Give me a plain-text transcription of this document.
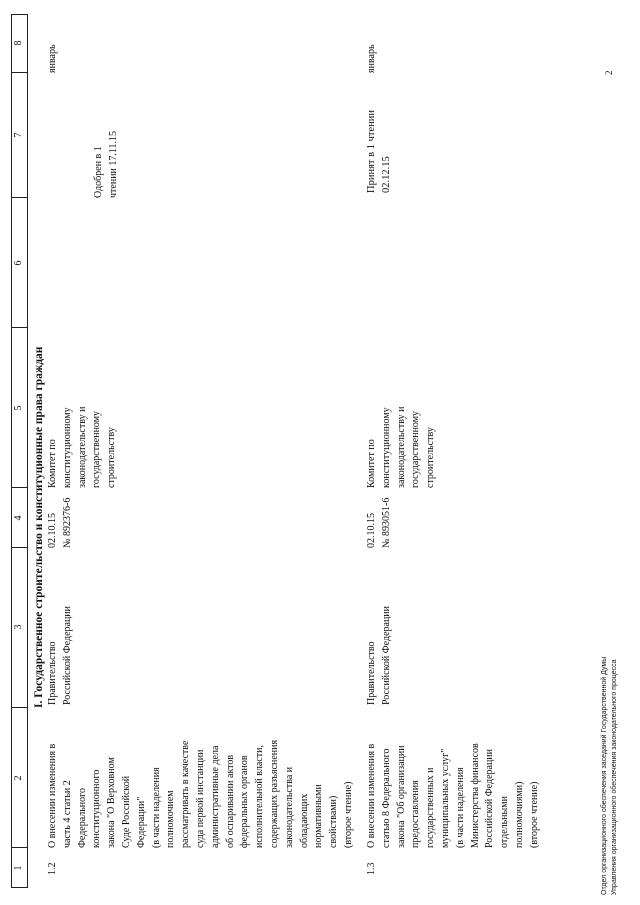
1
2
3
4
5
6
7
8
I. Государственное строительство и конституционные права граждан
1.2
О внесении изменения в часть 4 статьи 2 Федерального конституционного закона "О Верховном Суде Российской Федерации" (в части наделения полномочием рассматривать в качестве суда первой инстанции административные дела об оспаривании актов федеральных органов исполнительной власти, содержащих разъяснения законодательства и обладающих нормативными свойствами) (второе чтение)
Правительство Российской Федерации
02.10.15 № 892376-6
Комитет по конституционному законодательству и государственному строительству
Одобрен в 1 чтении 17.11.15
январь
1.3
О внесении изменения в статью 8 Федерального закона "Об организации предоставления государственных и муниципальных услуг" (в части наделения Министерства финансов Российской Федерации отдельными полномочиями) (второе чтение)
Правительство Российской Федерации
02.10.15 № 893051-6
Комитет по конституционному законодательству и государственному строительству
Принят в 1 чтении 02.12.15
январь
Отдел организационного обеспечения заседаний Государственной Думы Управления организационного обеспечения законодательного процесса
2
